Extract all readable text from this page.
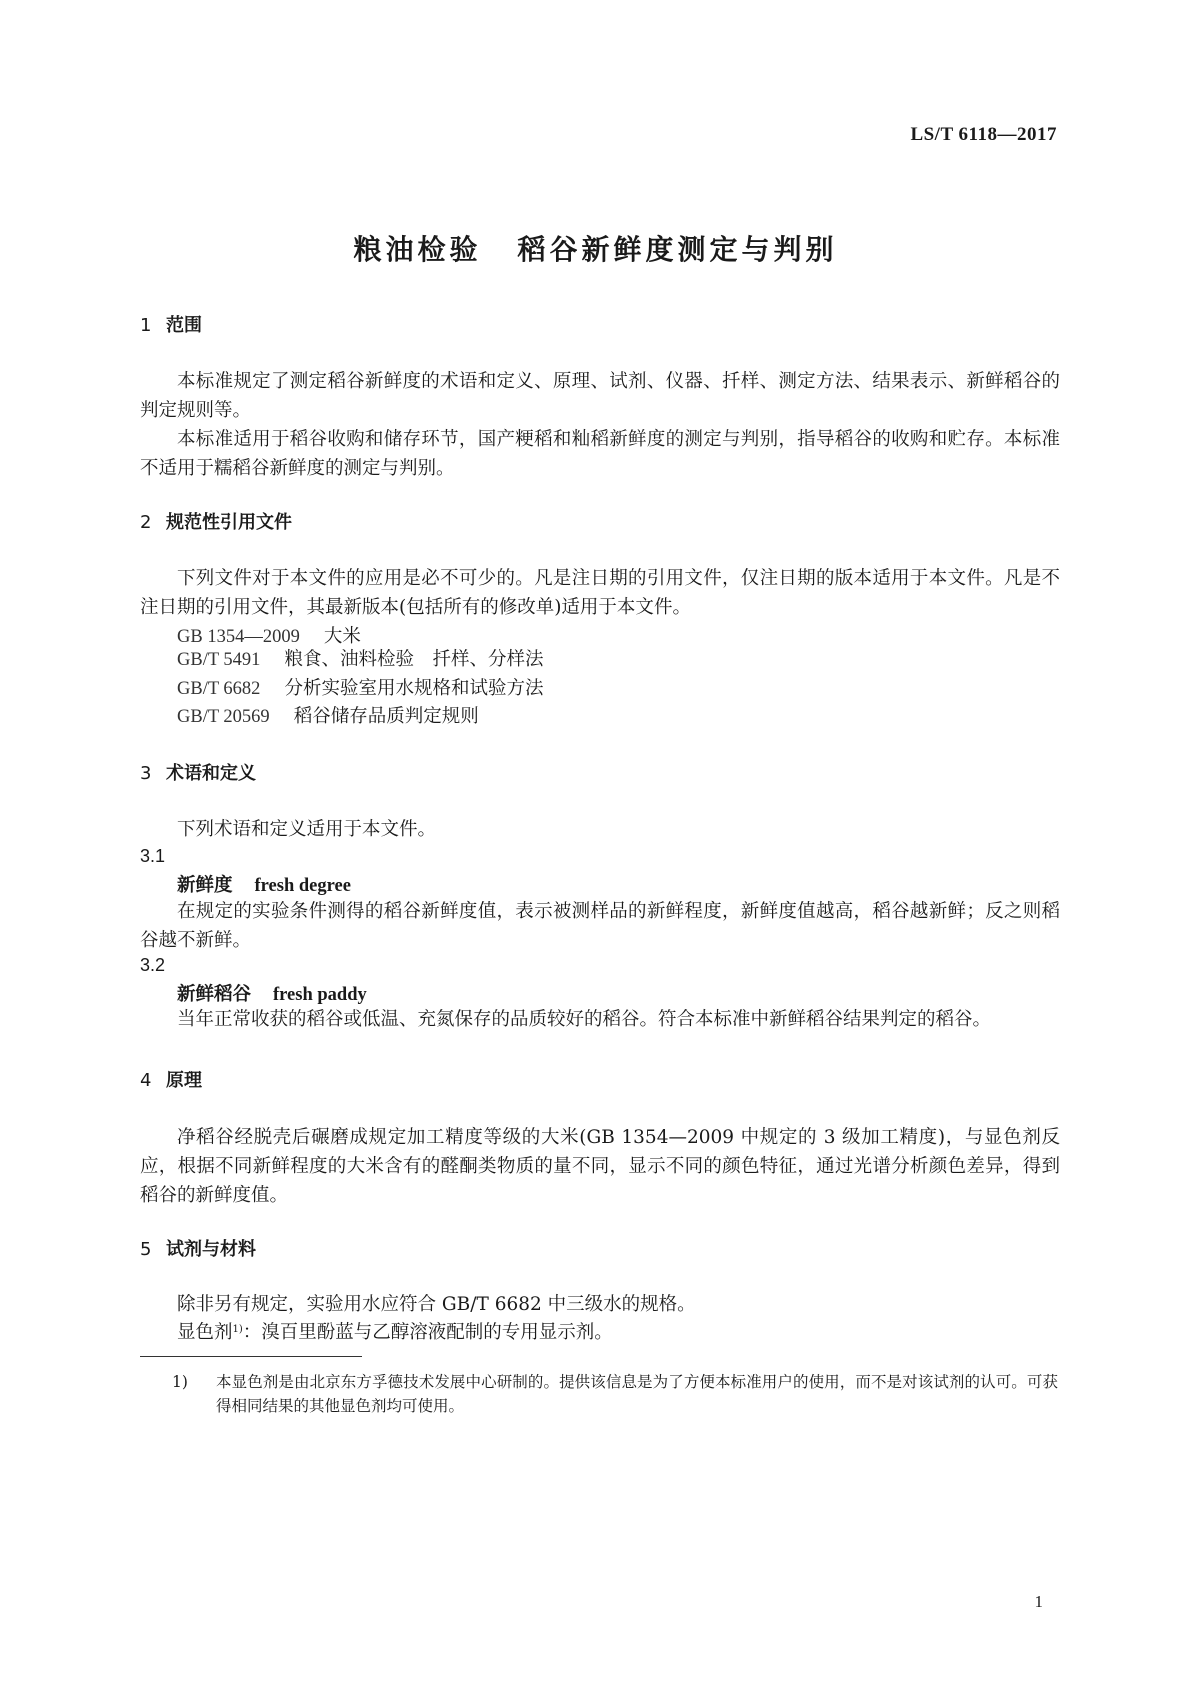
LS/T 6118—2017
粮油检验 稻谷新鲜度测定与判别
1 范围
本标准规定了测定稻谷新鲜度的术语和定义、原理、试剂、仪器、扦样、测定方法、结果表示、新鲜稻谷的判定规则等。
本标准适用于稻谷收购和储存环节，国产粳稻和籼稻新鲜度的测定与判别，指导稻谷的收购和贮存。本标准不适用于糯稻谷新鲜度的测定与判别。
2 规范性引用文件
下列文件对于本文件的应用是必不可少的。凡是注日期的引用文件，仅注日期的版本适用于本文件。凡是不注日期的引用文件，其最新版本(包括所有的修改单)适用于本文件。
GB 1354—2009 大米
GB/T 5491 粮食、油料检验　扦样、分样法
GB/T 6682 分析实验室用水规格和试验方法
GB/T 20569 稻谷储存品质判定规则
3 术语和定义
下列术语和定义适用于本文件。
3.1
新鲜度 fresh degree
在规定的实验条件测得的稻谷新鲜度值，表示被测样品的新鲜程度，新鲜度值越高，稻谷越新鲜；反之则稻谷越不新鲜。
3.2
新鲜稻谷 fresh paddy
当年正常收获的稻谷或低温、充氮保存的品质较好的稻谷。符合本标准中新鲜稻谷结果判定的稻谷。
4 原理
净稻谷经脱壳后碾磨成规定加工精度等级的大米(GB 1354—2009 中规定的 3 级加工精度)，与显色剂反应，根据不同新鲜程度的大米含有的醛酮类物质的量不同，显示不同的颜色特征，通过光谱分析颜色差异，得到稻谷的新鲜度值。
5 试剂与材料
除非另有规定，实验用水应符合 GB/T 6682 中三级水的规格。
显色剂$^{1)}$：溴百里酚蓝与乙醇溶液配制的专用显示剂。
1) 本显色剂是由北京东方孚德技术发展中心研制的。提供该信息是为了方便本标准用户的使用，而不是对该试剂的认可。可获得相同结果的其他显色剂均可使用。
1
